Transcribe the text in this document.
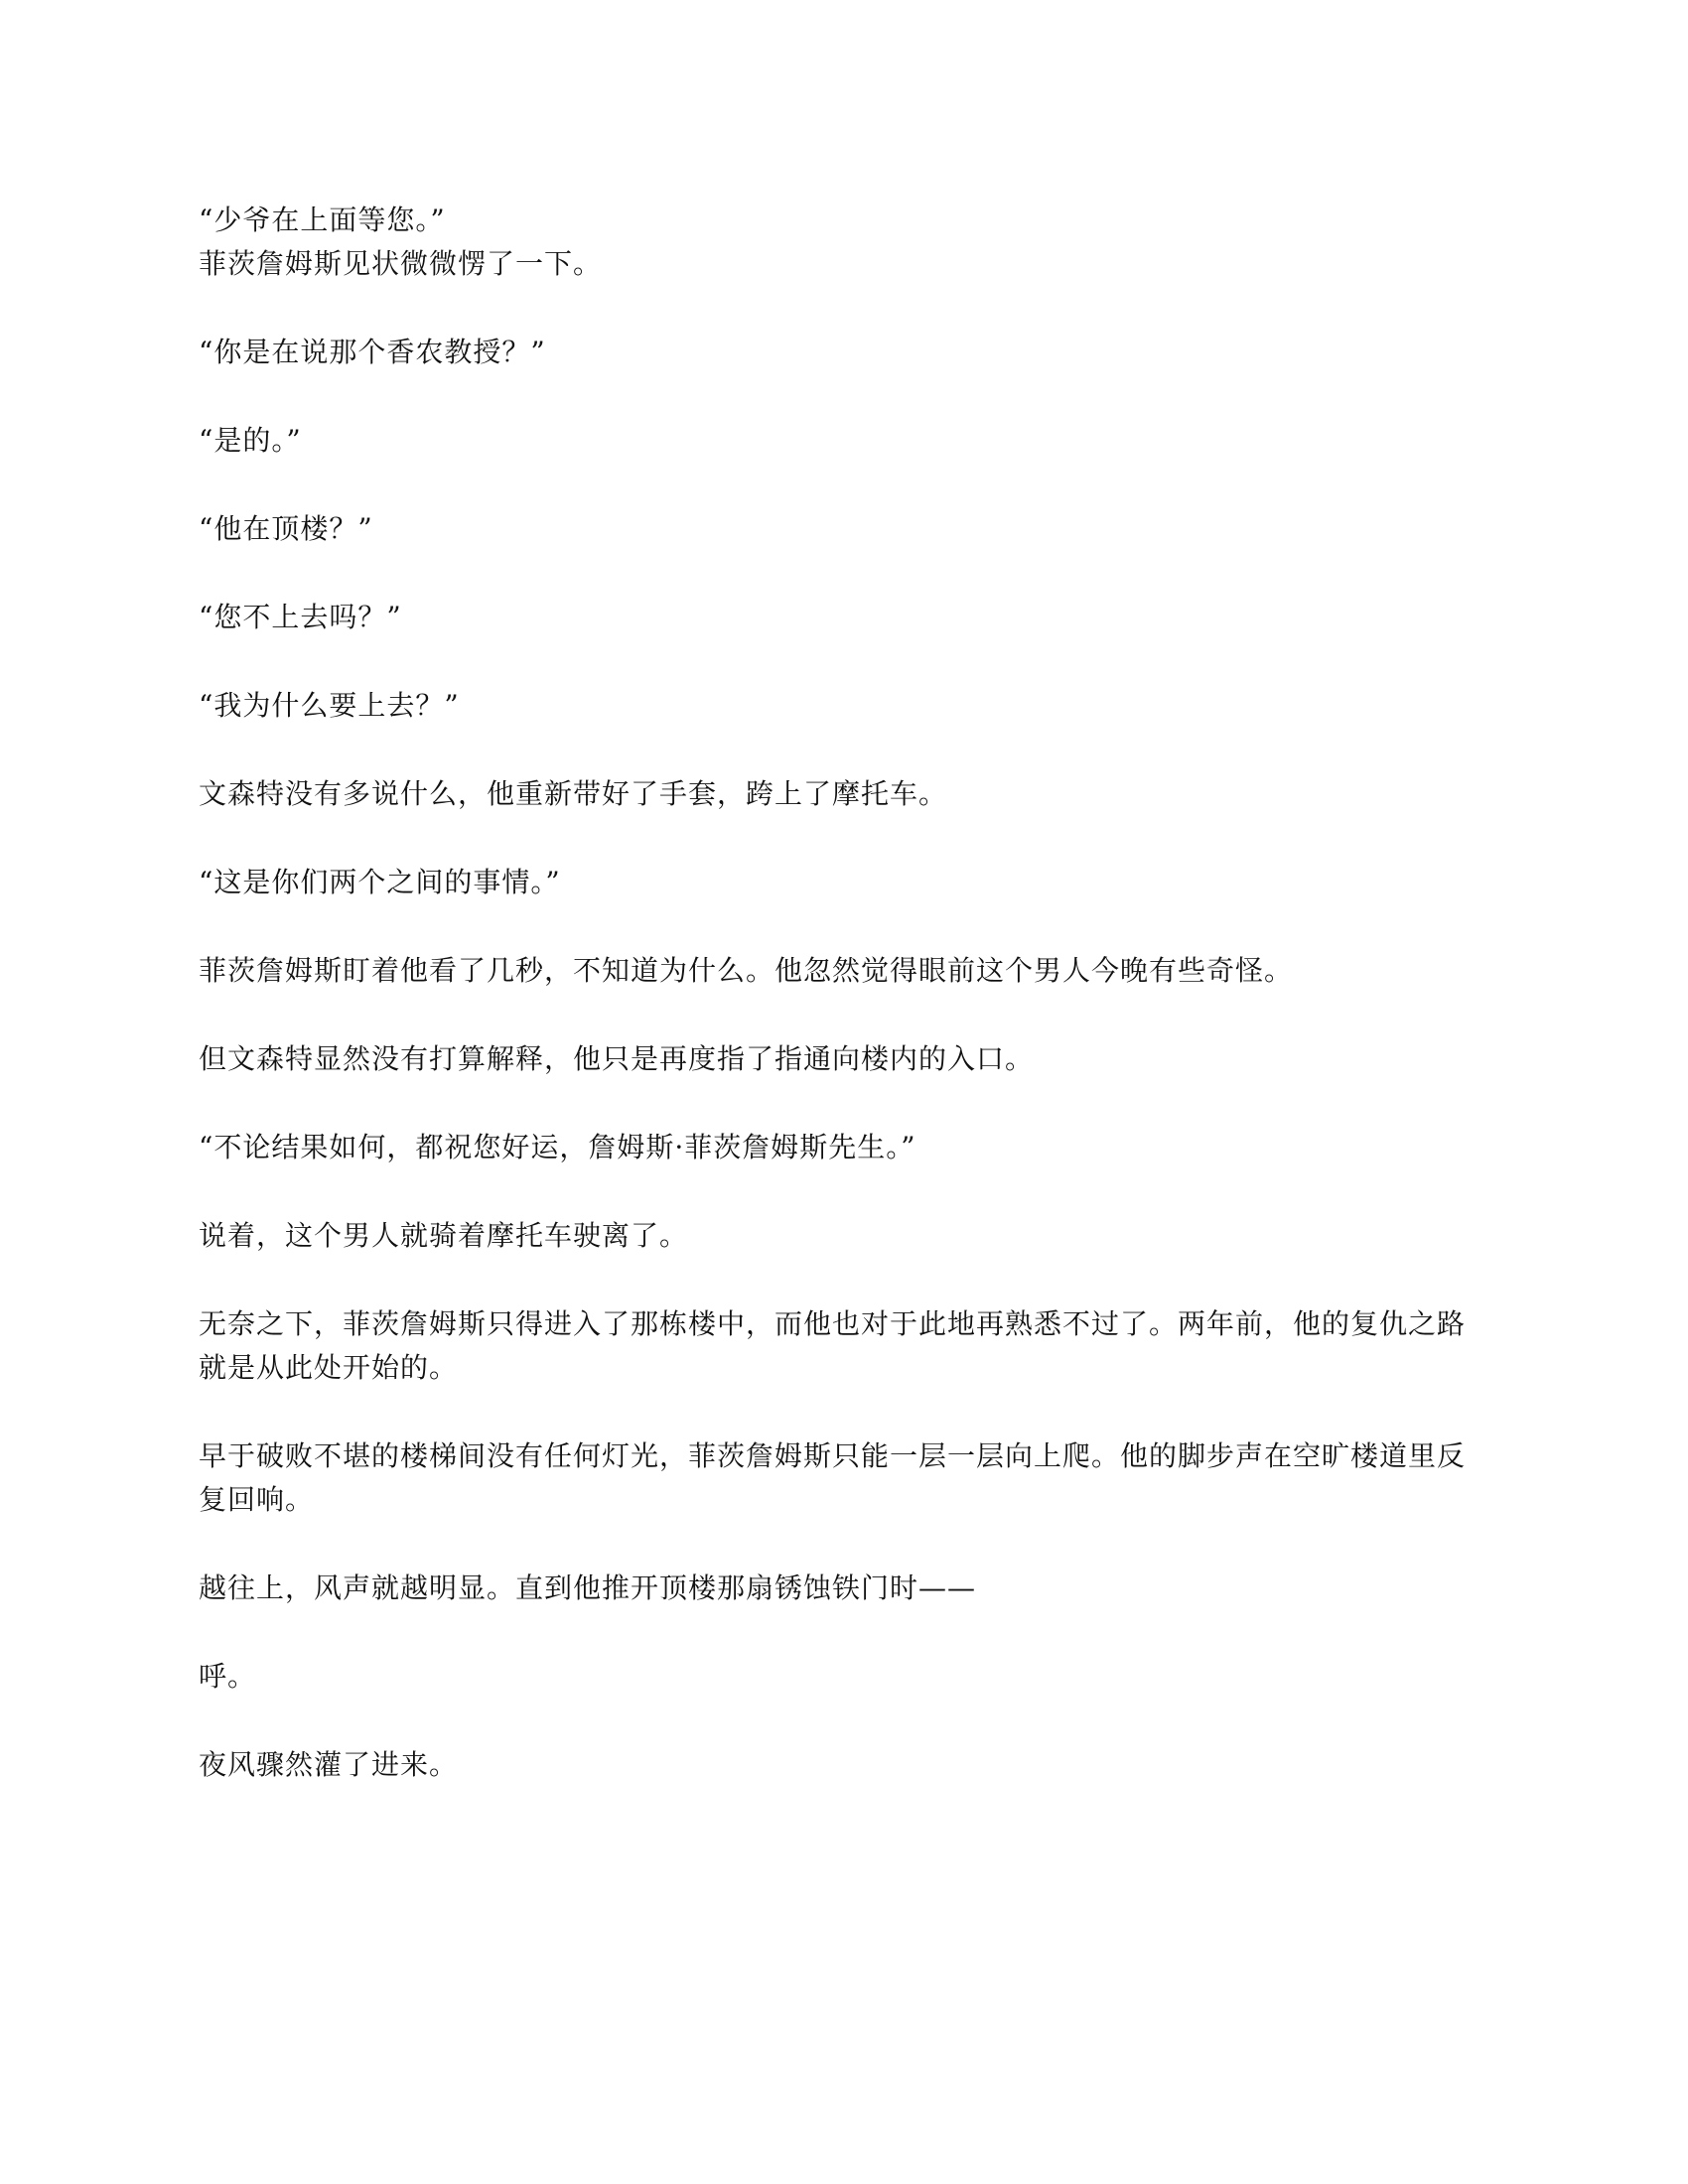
“少爷在上面等您。”

菲茨詹姆斯见状微微愣了一下。

“你是在说那个香农教授？”

“是的。”

“他在顶楼？”

“您不上去吗？”

“我为什么要上去？”

文森特没有多说什么，他重新带好了手套，跨上了摩托车。

“这是你们两个之间的事情。”

菲茨詹姆斯盯着他看了几秒，不知道为什么。他忽然觉得眼前这个男人今晚有些奇怪。

但文森特显然没有打算解释，他只是再度指了指通向楼内的入口。

“不论结果如何，都祝您好运，詹姆斯·菲茨詹姆斯先生。”

说着，这个男人就骑着摩托车驶离了。

无奈之下，菲茨詹姆斯只得进入了那栋楼中，而他也对于此地再熟悉不过了。两年前，他的复仇之路就是从此处开始的。

早于破败不堪的楼梯间没有任何灯光，菲茨詹姆斯只能一层一层向上爬。他的脚步声在空旷楼道里反复回响。

越往上，风声就越明显。直到他推开顶楼那扇锈蚀铁门时——

呼。

夜风骤然灌了进来。
